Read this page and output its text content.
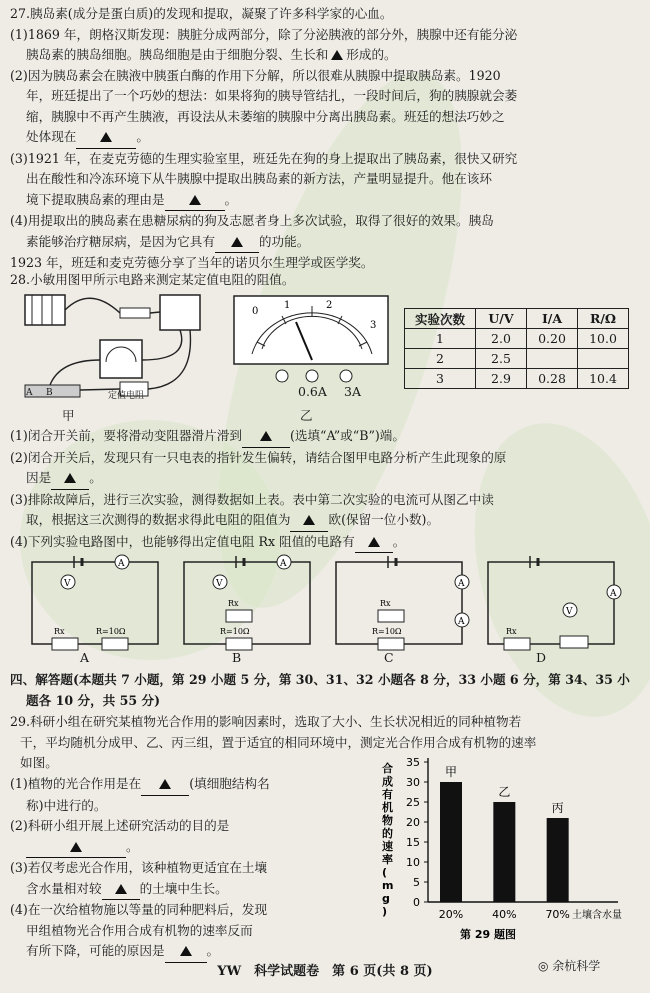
27.胰岛素(成分是蛋白质)的发现和提取，凝聚了许多科学家的心血。
(1)1869 年，朗格汉斯发现：胰脏分成两部分，除了分泌胰液的部分外，胰腺中还有能分泌
胰岛素的胰岛细胞。胰岛细胞是由于细胞分裂、生长和 形成的。
(2)因为胰岛素会在胰液中胰蛋白酶的作用下分解，所以很难从胰腺中提取胰岛素。1920
年，班廷提出了一个巧妙的想法：如果将狗的胰导管结扎，一段时间后，狗的胰腺就会萎
缩，胰腺中不再产生胰液，再设法从未萎缩的胰腺中分离出胰岛素。班廷的想法巧妙之
处体现在	。
(3)1921 年，在麦克劳德的生理实验室里，班廷先在狗的身上提取出了胰岛素，很快又研究
出在酸性和冷冻环境下从牛胰腺中提取出胰岛素的新方法，产量明显提升。他在该环
境下提取胰岛素的理由是	。
(4)用提取出的胰岛素在患糖尿病的狗及志愿者身上多次试验，取得了很好的效果。胰岛
素能够治疗糖尿病，是因为它具有	的功能。
1923 年，班廷和麦克劳德分享了当年的诺贝尔生理学或医学奖。
28.小敏用图甲所示电路来测定某定值电阻的阻值。
A B	定值电阻
甲
0
1	2
3
0.6A 3A
乙
实验次数	U/V	I/A	R/Ω
1	2.0	0.20	10.0
2	2.5		
3	2.9	0.28	10.4
(1)闭合开关前，要将滑动变阻器滑片滑到	(选填“A”或“B”)端。
(2)闭合开关后，发现只有一只电表的指针发生偏转，请结合图甲电路分析产生此现象的原
因是	。
(3)排除故障后，进行三次实验，测得数据如上表。表中第二次实验的电流可从图乙中读
取，根据这三次测得的数据求得此电阻的阻值为	欧(保留一位小数)。
(4)下列实验电路图中，也能够得出定值电阻 Rx 阻值的电路有	。
A
V
Rx	R=10Ω
A
V
Rx
R=10Ω
A
A
Rx
R=10Ω
A
V
Rx
A	B	C	D
四、解答题(本题共 7 小题，第 29 小题 5 分，第 30、31、32 小题各 8 分，33 小题 6 分，第 34、35 小
题各 10 分，共 55 分)
29.科研小组在研究某植物光合作用的影响因素时，选取了大小、生长状况相近的同种植物若
干，平均随机分成甲、乙、丙三组，置于适宜的相同环境中，测定光合作用合成有机物的速率
如图。
(1)植物的光合作用是在	(填细胞结构名
称)中进行的。
(2)科研小组开展上述研究活动的目的是
。
(3)若仅考虑光合作用，该种植物更适宜在土壤
含水量相对较	的土壤中生长。
(4)在一次给植物施以等量的同种肥料后，发现
甲组植物光合作用合成有机物的速率反而
有所下降，可能的原因是	。
0
5
10
15
20
25
30
35
合
成
有
机
物
的
速
率
(
m
g
)
甲
20%
乙
40%
丙
70% 土壤含水量
第 29 题图
YW　科学试题卷　第 6 页(共 8 页)	◎ 余杭科学
